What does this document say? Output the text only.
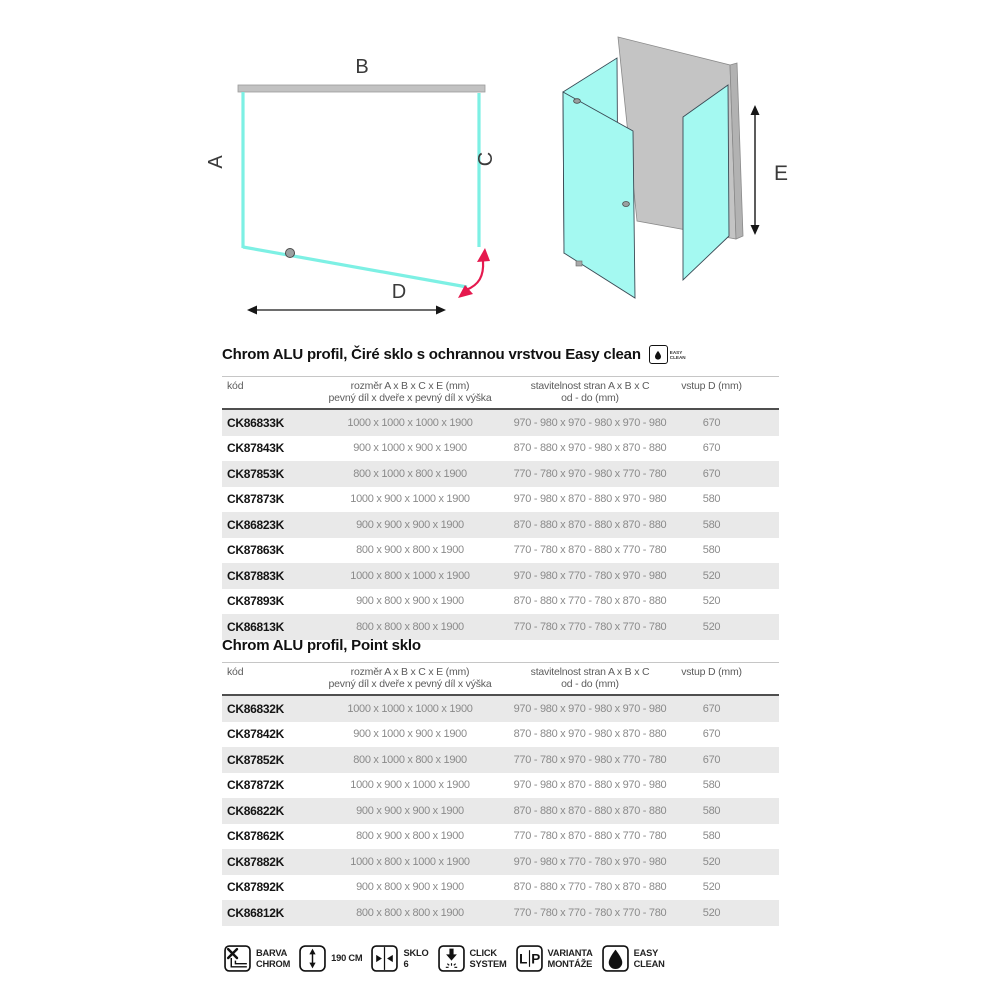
B
A	C
D
E
Chrom ALU profil, Čiré sklo s ochrannou vrstvou Easy clean	EASY
CLEAN
kód	rozměr A x B x C x E (mm)
pevný díl x dveře x pevný díl x výška
stavitelnost stran A x B x C
od - do (mm)
vstup D (mm)
CK86833K	1000 x 1000 x 1000 x 1900	970 - 980 x 970 - 980 x 970 - 980	670
CK87843K	900 x 1000 x 900 x 1900	870 - 880 x 970 - 980 x 870 - 880	670
CK87853K	800 x 1000 x 800 x 1900	770 - 780 x 970 - 980 x 770 - 780	670
CK87873K	1000 x 900 x 1000 x 1900	970 - 980 x 870 - 880 x 970 - 980	580
CK86823K	900 x 900 x 900 x 1900	870 - 880 x 870 - 880 x 870 - 880	580
CK87863K	800 x 900 x 800 x 1900	770 - 780 x 870 - 880 x 770 - 780	580
CK87883K	1000 x 800 x 1000 x 1900	970 - 980 x 770 - 780 x 970 - 980	520
CK87893K	900 x 800 x 900 x 1900	870 - 880 x 770 - 780 x 870 - 880	520
CK86813K	800 x 800 x 800 x 1900	770 - 780 x 770 - 780 x 770 - 780	520
Chrom ALU profil, Point sklo
kód	rozměr A x B x C x E (mm)
pevný díl x dveře x pevný díl x výška
stavitelnost stran A x B x C
od - do (mm)
vstup D (mm)
CK86832K	1000 x 1000 x 1000 x 1900	970 - 980 x 970 - 980 x 970 - 980	670
CK87842K	900 x 1000 x 900 x 1900	870 - 880 x 970 - 980 x 870 - 880	670
CK87852K	800 x 1000 x 800 x 1900	770 - 780 x 970 - 980 x 770 - 780	670
CK87872K	1000 x 900 x 1000 x 1900	970 - 980 x 870 - 880 x 970 - 980	580
CK86822K	900 x 900 x 900 x 1900	870 - 880 x 870 - 880 x 870 - 880	580
CK87862K	800 x 900 x 800 x 1900	770 - 780 x 870 - 880 x 770 - 780	580
CK87882K	1000 x 800 x 1000 x 1900	970 - 980 x 770 - 780 x 970 - 980	520
CK87892K	900 x 800 x 900 x 1900	870 - 880 x 770 - 780 x 870 - 880	520
CK86812K	800 x 800 x 800 x 1900	770 - 780 x 770 - 780 x 770 - 780	520
BARVA
CHROM
190 CM
SKLO
6
CLICK
SYSTEM L P VARIANTA
MONTÁŽE
EASY
CLEAN
